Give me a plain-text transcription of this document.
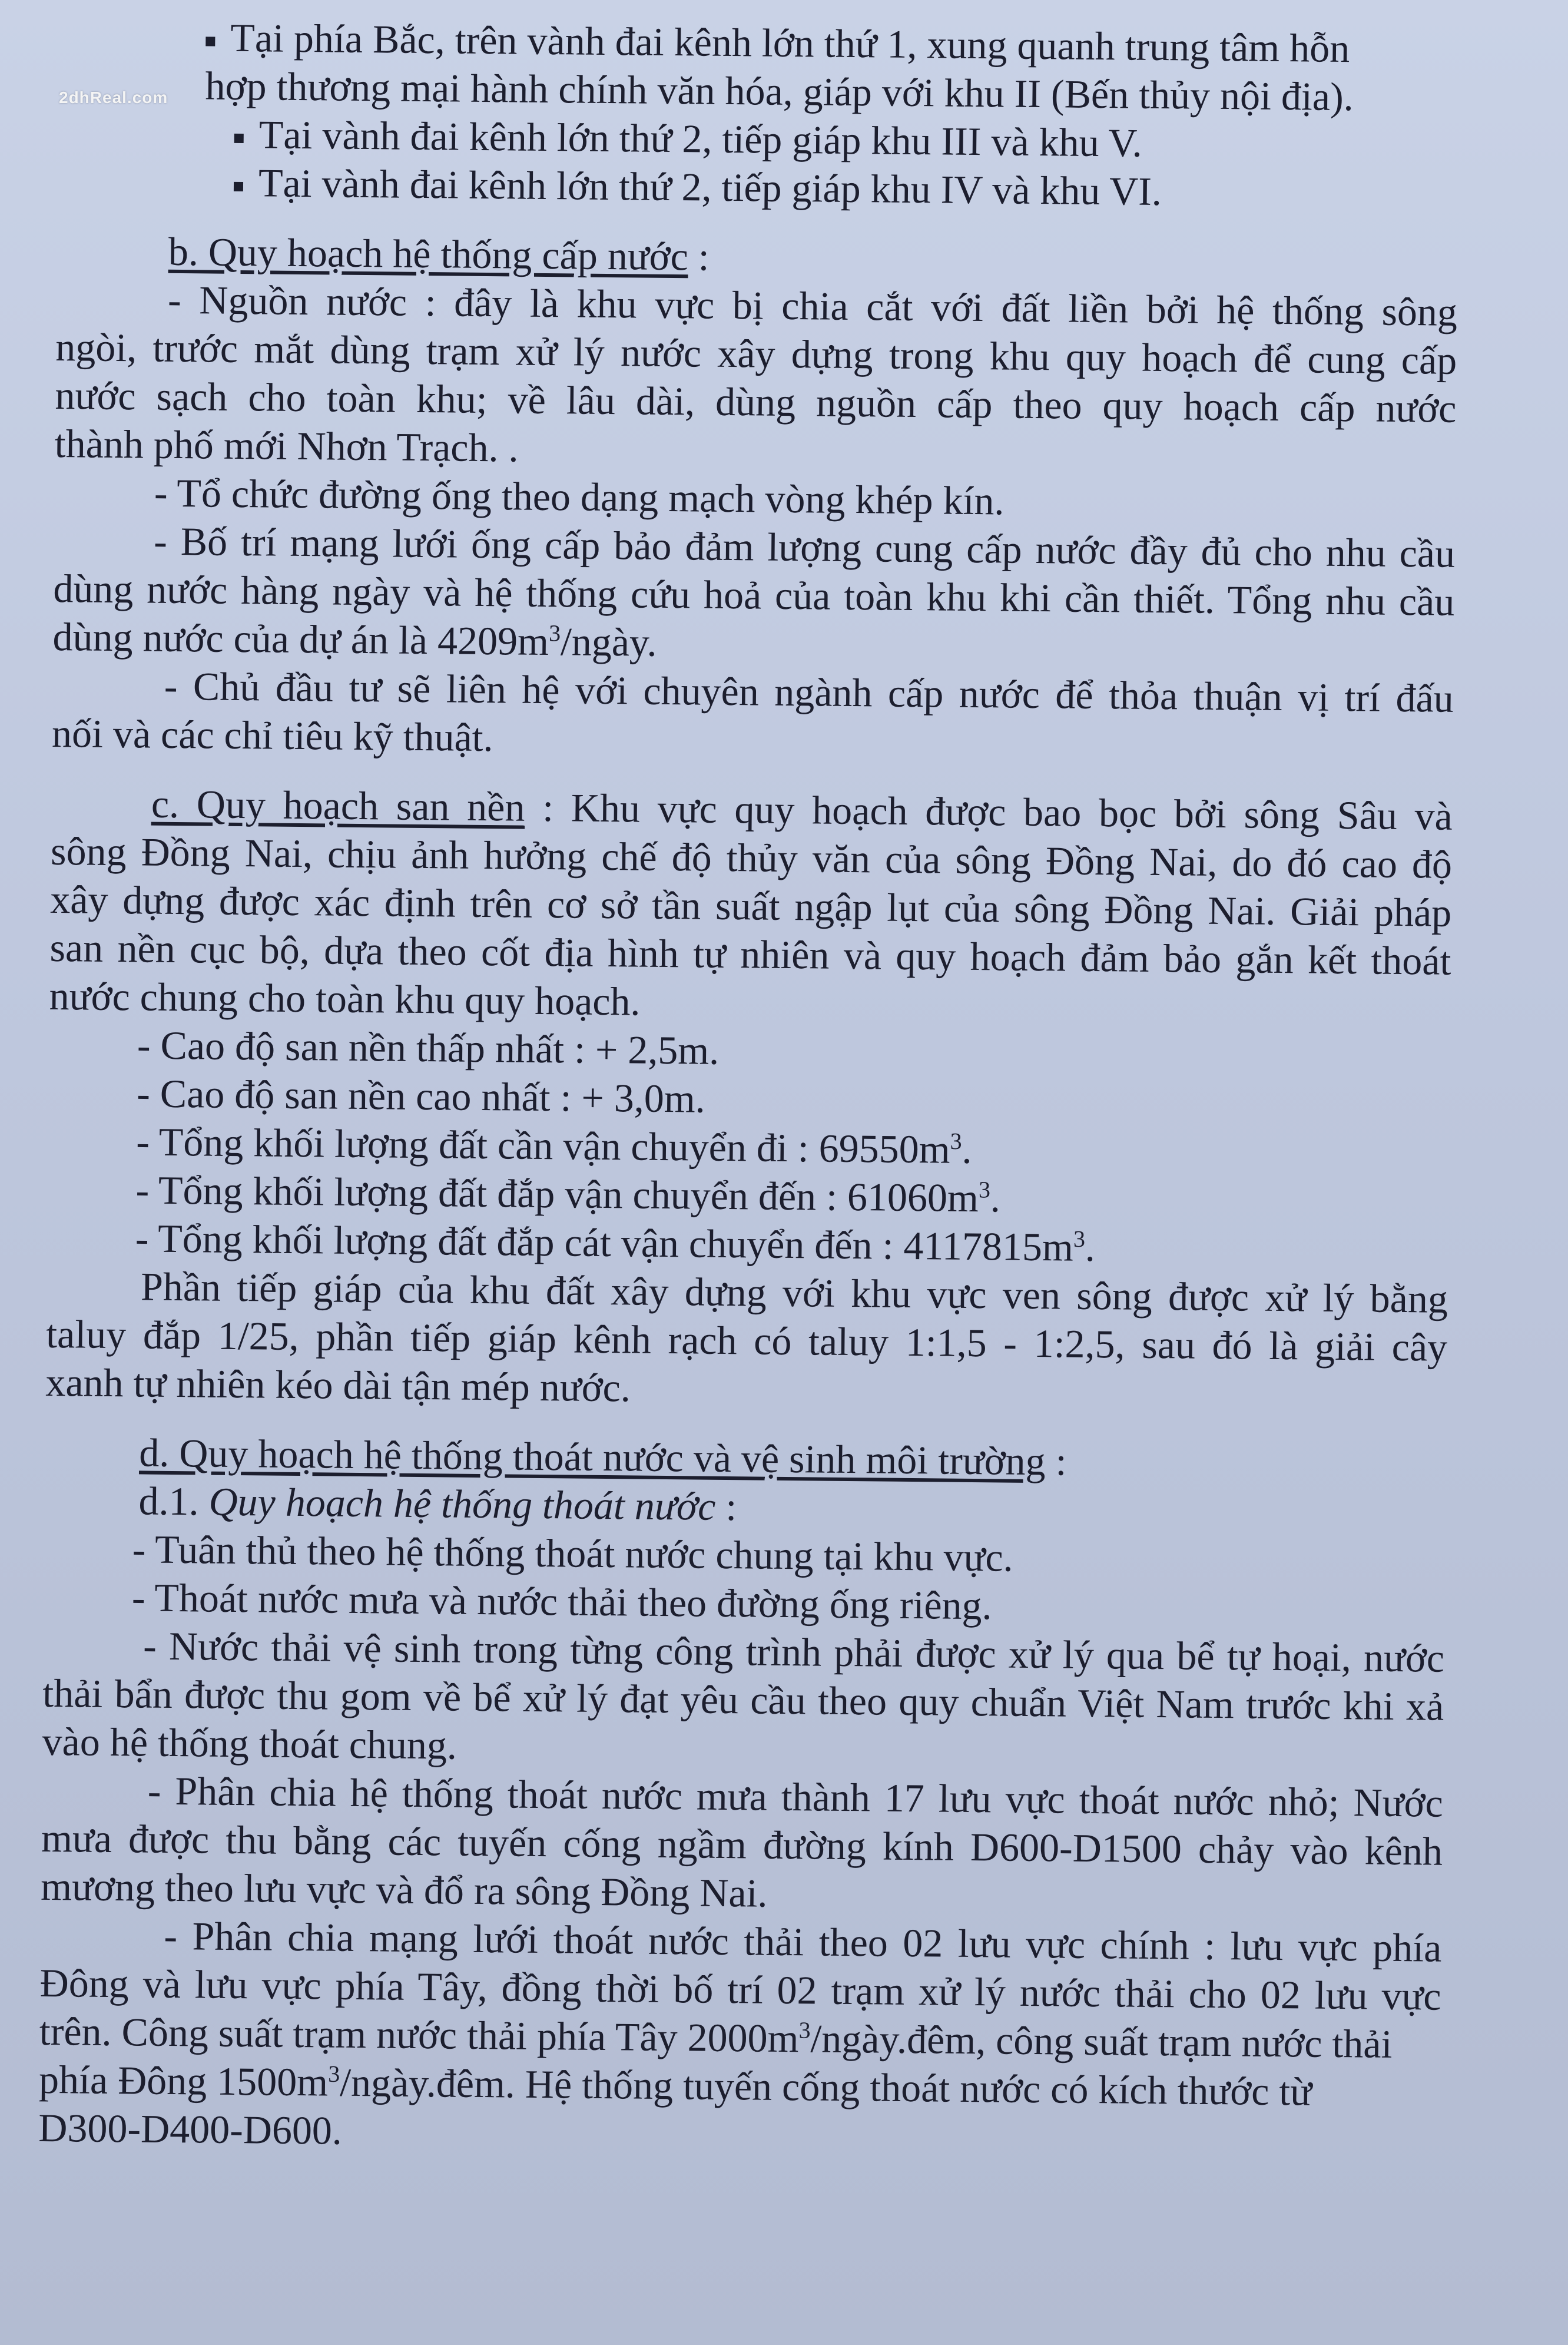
2dhReal.com
Tại phía Bắc, trên vành đai kênh lớn thứ 1, xung quanh trung tâm hỗn
hợp thương mại hành chính văn hóa, giáp với khu II (Bến thủy nội địa).
Tại vành đai kênh lớn thứ 2, tiếp giáp khu III và khu V.
Tại vành đai kênh lớn thứ 2, tiếp giáp khu IV và khu VI.
b. Quy hoạch hệ thống cấp nước :
- Nguồn nước : đây là khu vực bị chia cắt với đất liền bởi hệ thống sông
ngòi, trước mắt dùng trạm xử lý nước xây dựng trong khu quy hoạch để cung cấp
nước sạch cho toàn khu; về lâu dài, dùng nguồn cấp theo quy hoạch cấp nước
thành phố mới Nhơn Trạch. .
- Tổ chức đường ống theo dạng mạch vòng khép kín.
- Bố trí mạng lưới ống cấp bảo đảm lượng cung cấp nước đầy đủ cho nhu cầu
dùng nước hàng ngày và hệ thống cứu hoả của toàn khu khi cần thiết. Tổng nhu cầu
dùng nước của dự án là $4209m^3$/ngày.
- Chủ đầu tư sẽ liên hệ với chuyên ngành cấp nước để thỏa thuận vị trí đấu
nối và các chỉ tiêu kỹ thuật.
c. Quy hoạch san nền : Khu vực quy hoạch được bao bọc bởi sông Sâu và
sông Đồng Nai, chịu ảnh hưởng chế độ thủy văn của sông Đồng Nai, do đó cao độ
xây dựng được xác định trên cơ sở tần suất ngập lụt của sông Đồng Nai. Giải pháp
san nền cục bộ, dựa theo cốt địa hình tự nhiên và quy hoạch đảm bảo gắn kết thoát
nước chung cho toàn khu quy hoạch.
- Cao độ san nền thấp nhất : + 2,5m.
- Cao độ san nền cao nhất : + 3,0m.
- Tổng khối lượng đất cần vận chuyển đi : $69550m^3$.
- Tổng khối lượng đất đắp vận chuyển đến : $61060m^3$.
- Tổng khối lượng đất đắp cát vận chuyển đến : $4117815m^3$.
Phần tiếp giáp của khu đất xây dựng với khu vực ven sông được xử lý bằng
taluy đắp 1/25, phần tiếp giáp kênh rạch có taluy 1:1,5 - 1:2,5, sau đó là giải cây
xanh tự nhiên kéo dài tận mép nước.
d. Quy hoạch hệ thống thoát nước và vệ sinh môi trường :
d.1. Quy hoạch hệ thống thoát nước :
- Tuân thủ theo hệ thống thoát nước chung tại khu vực.
- Thoát nước mưa và nước thải theo đường ống riêng.
- Nước thải vệ sinh trong từng công trình phải được xử lý qua bể tự hoại, nước
thải bẩn được thu gom về bể xử lý đạt yêu cầu theo quy chuẩn Việt Nam trước khi xả
vào hệ thống thoát chung.
- Phân chia hệ thống thoát nước mưa thành 17 lưu vực thoát nước nhỏ; Nước
mưa được thu bằng các tuyến cống ngầm đường kính D600-D1500 chảy vào kênh
mương theo lưu vực và đổ ra sông Đồng Nai.
- Phân chia mạng lưới thoát nước thải theo 02 lưu vực chính : lưu vực phía
Đông và lưu vực phía Tây, đồng thời bố trí 02 trạm xử lý nước thải cho 02 lưu vực
trên. Công suất trạm nước thải phía Tây $2000m^3/ngày.đêm$, công suất trạm nước thải
phía Đông $1500m^3/ngày.đêm$. Hệ thống tuyến cống thoát nước có kích thước từ
D300-D400-D600.
